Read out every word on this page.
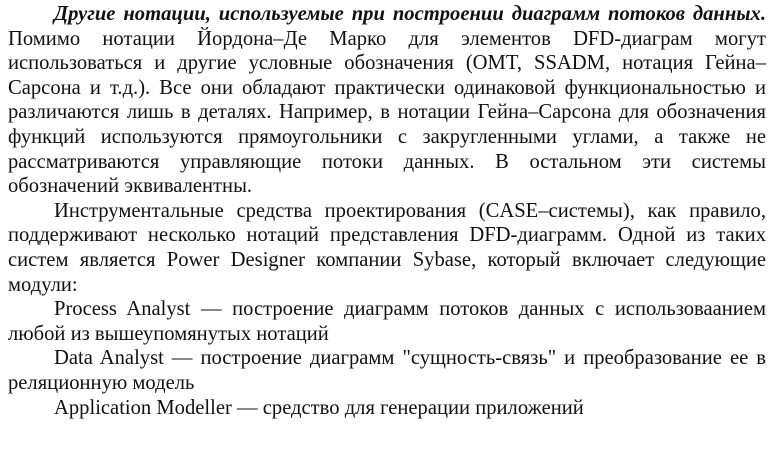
Другие нотации, используемые при построении диаграмм потоков данных. Помимо нотации Йордона–Де Марко для элементов DFD-диаграм могут использоваться и другие условные обозначения (OMT, SSADM, нотация Гейна–Сарсона и т.д.). Все они обладают практически одинаковой функциональностью и различаются лишь в деталях. Например, в нотации Гейна–Сарсона для обозначения функций используются прямоугольники с закругленными углами, а также не рассматриваются управляющие потоки данных. В остальном эти системы обозначений эквивалентны.

Инструментальные средства проектирования (CASE–системы), как правило, поддерживают несколько нотаций представления DFD-диаграмм. Одной из таких систем является Power Designer компании Sybase, который включает следующие модули:

Process Analyst — построение диаграмм потоков данных с использоваанием любой из вышеупомянутых нотаций

Data Analyst — построение диаграмм "сущность-связь" и преобразование ее в реляционную модель

Application Modeller — средство для генерации приложений
